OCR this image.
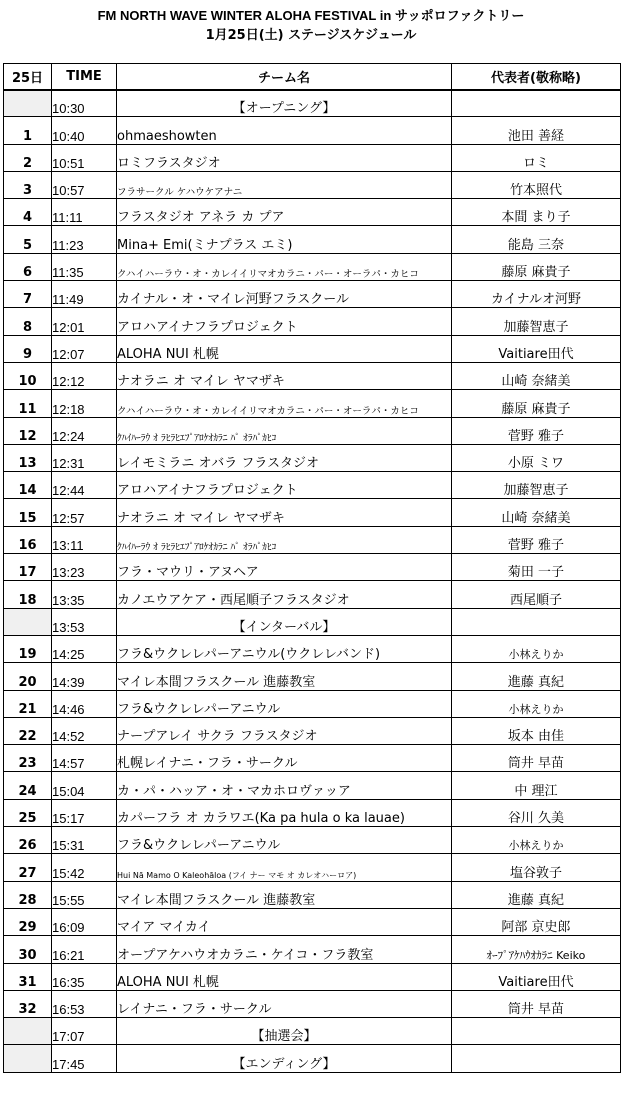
FM NORTH WAVE WINTER ALOHA FESTIVAL in サッポロファクトリー
1月25日(土) ステージスケジュール
25日	TIME	チーム名	代表者(敬称略)
	10:30	【オープニング】	
1	10:40	ohmaeshowten	池田 善経
2	10:51	ロミフラスタジオ	ロミ
3	10:57	フラサークル ケハウケアナニ	竹本照代
4	11:11	フラスタジオ アネラ カ プア	本間 まり子
5	11:23	Mina+ Emi(ミナプラス エミ)	能島 三奈
6	11:35	クハイハーラウ・オ・カレイイリマオカラニ・パー・オーラパ・カヒコ	藤原 麻貴子
7	11:49	カイナル・オ・マイレ河野フラスクール	カイナルオ河野
8	12:01	アロハアイナフラプロジェクト	加藤智恵子
9	12:07	ALOHA NUI 札幌	Vaitiare田代
10	12:12	ナオラニ オ マイレ ヤマザキ	山崎 奈緒美
11	12:18	クハイハーラウ・オ・カレイイリマオカラニ・パー・オーラパ・カヒコ	藤原 麻貴子
12	12:24	ｸﾊｲﾊｰﾗｳ ｵ ﾗﾋﾗﾋｴﾌﾟｱﾛｹｵｶﾗﾆ ﾊﾟ ｵﾗﾊﾟｶﾋｺ	菅野 雅子
13	12:31	レイモミラニ オバラ フラスタジオ	小原 ミワ
14	12:44	アロハアイナフラプロジェクト	加藤智恵子
15	12:57	ナオラニ オ マイレ ヤマザキ	山崎 奈緒美
16	13:11	ｸﾊｲﾊｰﾗｳ ｵ ﾗﾋﾗﾋｴﾌﾟｱﾛｹｵｶﾗﾆ ﾊﾟ ｵﾗﾊﾟｶﾋｺ	菅野 雅子
17	13:23	フラ・マウリ・アヌヘア	菊田 一子
18	13:35	カノエウアケア・西尾順子フラスタジオ	西尾順子
	13:53	【インターバル】	
19	14:25	フラ&ウクレレパーアニウル(ウクレレバンド)	小林えりか
20	14:39	マイレ本間フラスクール 進藤教室	進藤 真紀
21	14:46	フラ&ウクレレパーアニウル	小林えりか
22	14:52	ナープアレイ サクラ フラスタジオ	坂本 由佳
23	14:57	札幌レイナニ・フラ・サークル	筒井 早苗
24	15:04	カ・パ・ハッア・オ・マカホロヴァッア	中 理江
25	15:17	カパーフラ オ カラワエ(Ka pa hula o ka lauae)	谷川 久美
26	15:31	フラ&ウクレレパーアニウル	小林えりか
27	15:42	Hui Nā Mamo O Kaleohāloa (フイ ナー マモ オ カレオハーロア)	塩谷敦子
28	15:55	マイレ本間フラスクール 進藤教室	進藤 真紀
29	16:09	マイア マイカイ	阿部 京史郎
30	16:21	オープアケハウオカラニ・ケイコ・フラ教室	ｵｰﾌﾟｱｹﾊｳｵｶﾗﾆ Keiko
31	16:35	ALOHA NUI 札幌	Vaitiare田代
32	16:53	レイナニ・フラ・サークル	筒井 早苗
	17:07	【抽選会】	
	17:45	【エンディング】	
